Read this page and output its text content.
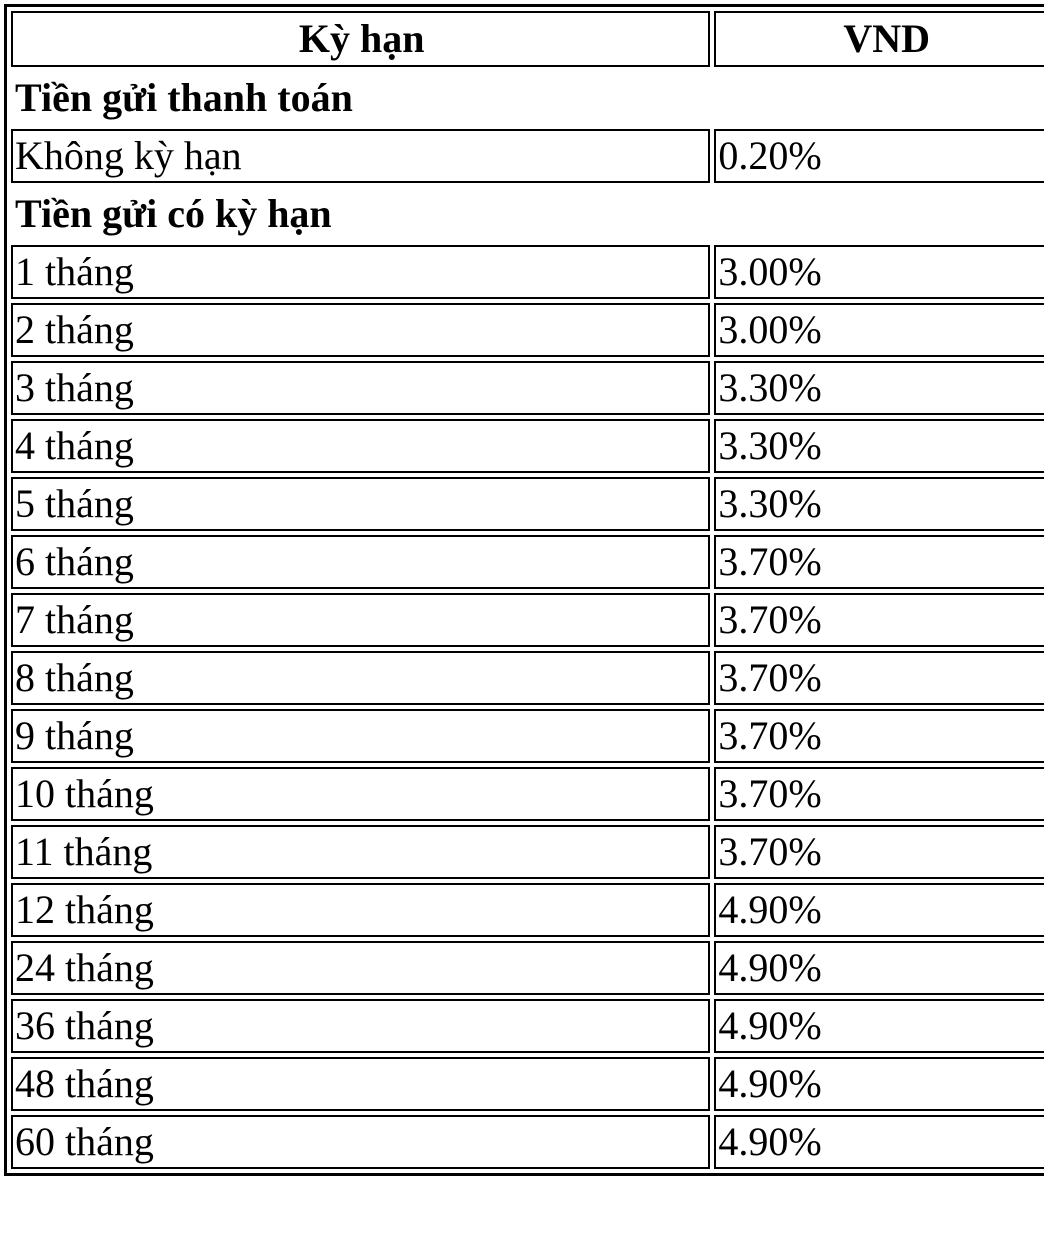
Kỳ hạn	VND
Tiền gửi thanh toán	
Không kỳ hạn	0.20%
Tiền gửi có kỳ hạn	
1 tháng	3.00%
2 tháng	3.00%
3 tháng	3.30%
4 tháng	3.30%
5 tháng	3.30%
6 tháng	3.70%
7 tháng	3.70%
8 tháng	3.70%
9 tháng	3.70%
10 tháng	3.70%
11 tháng	3.70%
12 tháng	4.90%
24 tháng	4.90%
36 tháng	4.90%
48 tháng	4.90%
60 tháng	4.90%
